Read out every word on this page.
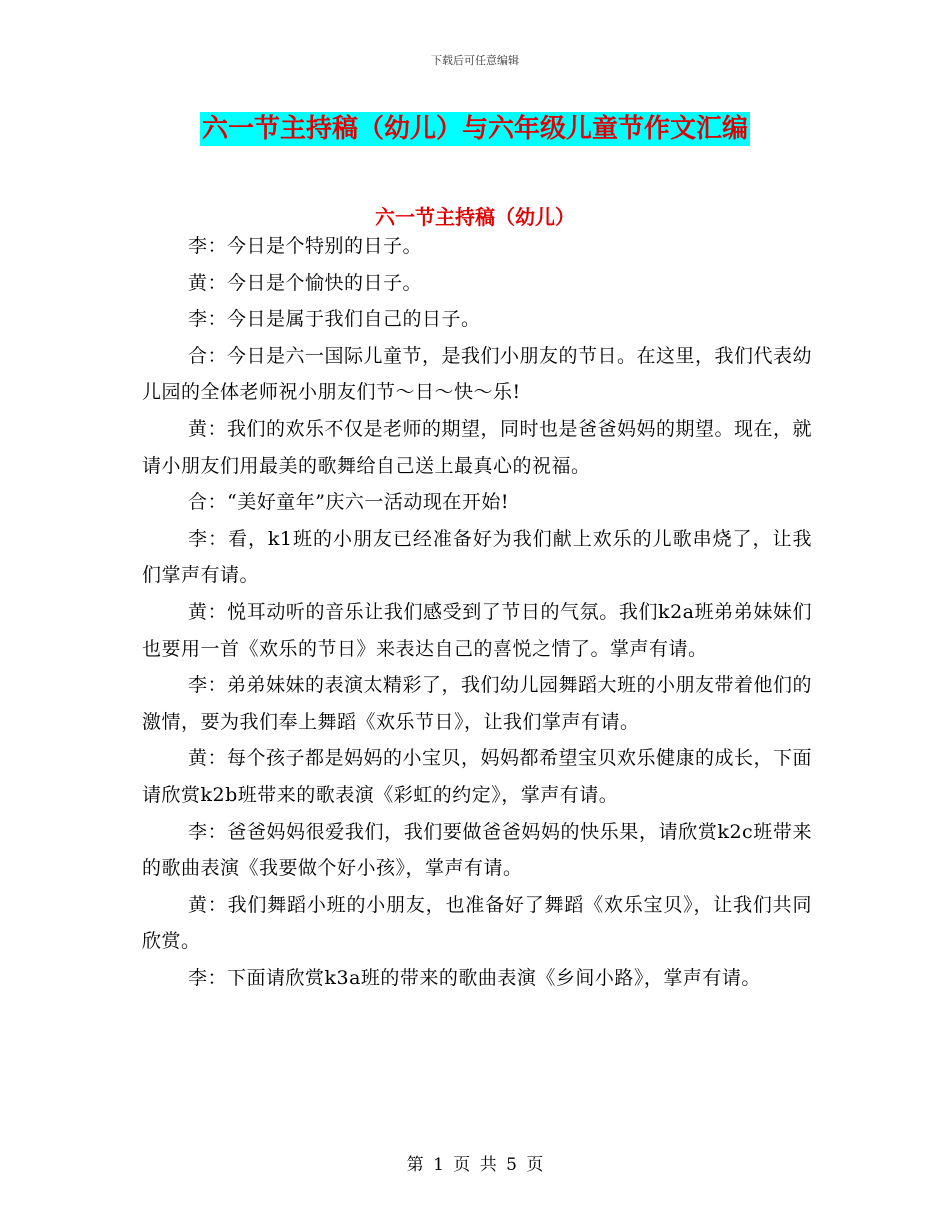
下载后可任意编辑
六一节主持稿（幼儿）与六年级儿童节作文汇编
六一节主持稿（幼儿）

李：今日是个特别的日子。

黄：今日是个愉快的日子。

李：今日是属于我们自己的日子。

合：今日是六一国际儿童节，是我们小朋友的节日。在这里，我们代表幼儿园的全体老师祝小朋友们节～日～快～乐!

黄：我们的欢乐不仅是老师的期望，同时也是爸爸妈妈的期望。现在，就请小朋友们用最美的歌舞给自己送上最真心的祝福。

合：“美好童年”庆六一活动现在开始!

李：看，k1班的小朋友已经准备好为我们献上欢乐的儿歌串烧了，让我们掌声有请。

黄：悦耳动听的音乐让我们感受到了节日的气氛。我们k2a班弟弟妹妹们也要用一首《欢乐的节日》来表达自己的喜悦之情了。掌声有请。

李：弟弟妹妹的表演太精彩了，我们幼儿园舞蹈大班的小朋友带着他们的激情，要为我们奉上舞蹈《欢乐节日》，让我们掌声有请。

黄：每个孩子都是妈妈的小宝贝，妈妈都希望宝贝欢乐健康的成长，下面请欣赏k2b班带来的歌表演《彩虹的约定》，掌声有请。

李：爸爸妈妈很爱我们，我们要做爸爸妈妈的快乐果，请欣赏k2c班带来的歌曲表演《我要做个好小孩》，掌声有请。

黄：我们舞蹈小班的小朋友，也准备好了舞蹈《欢乐宝贝》，让我们共同欣赏。

李：下面请欣赏k3a班的带来的歌曲表演《乡间小路》，掌声有请。

第 1 页 共 5 页
